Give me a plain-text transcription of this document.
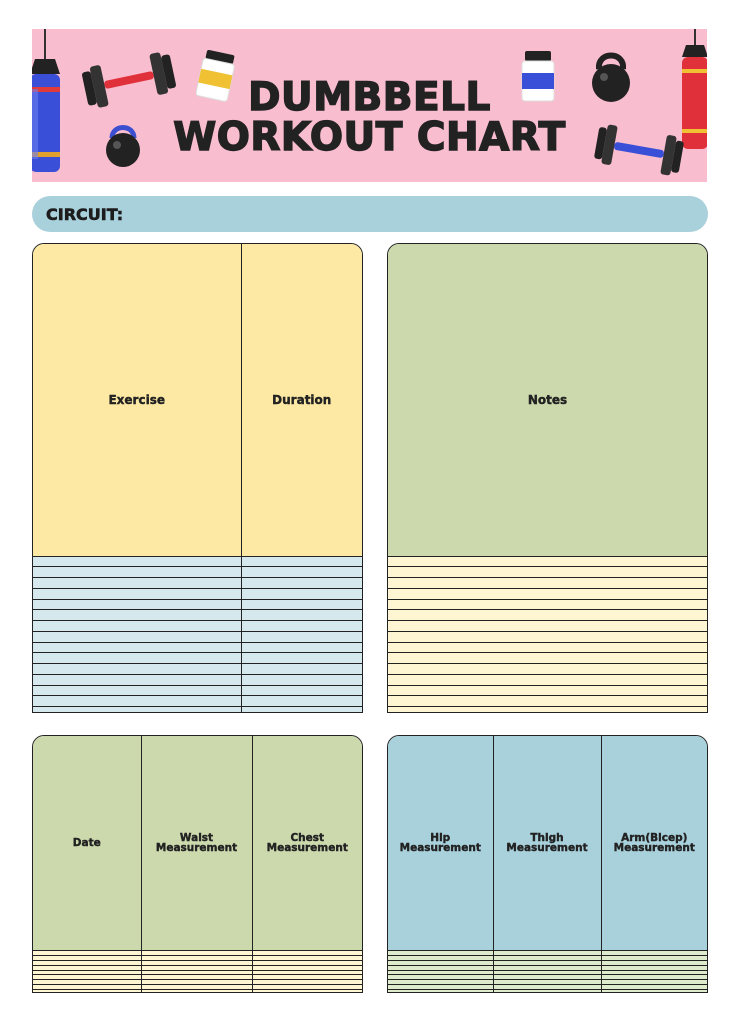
DUMBBELL
WORKOUT CHART
CIRCUIT:
Exercise	Duration

		Notes

Date	Waist Measurement	Chest Measurement

Hip Measurement	Thigh Measurement	Arm(Bicep) Measurement
